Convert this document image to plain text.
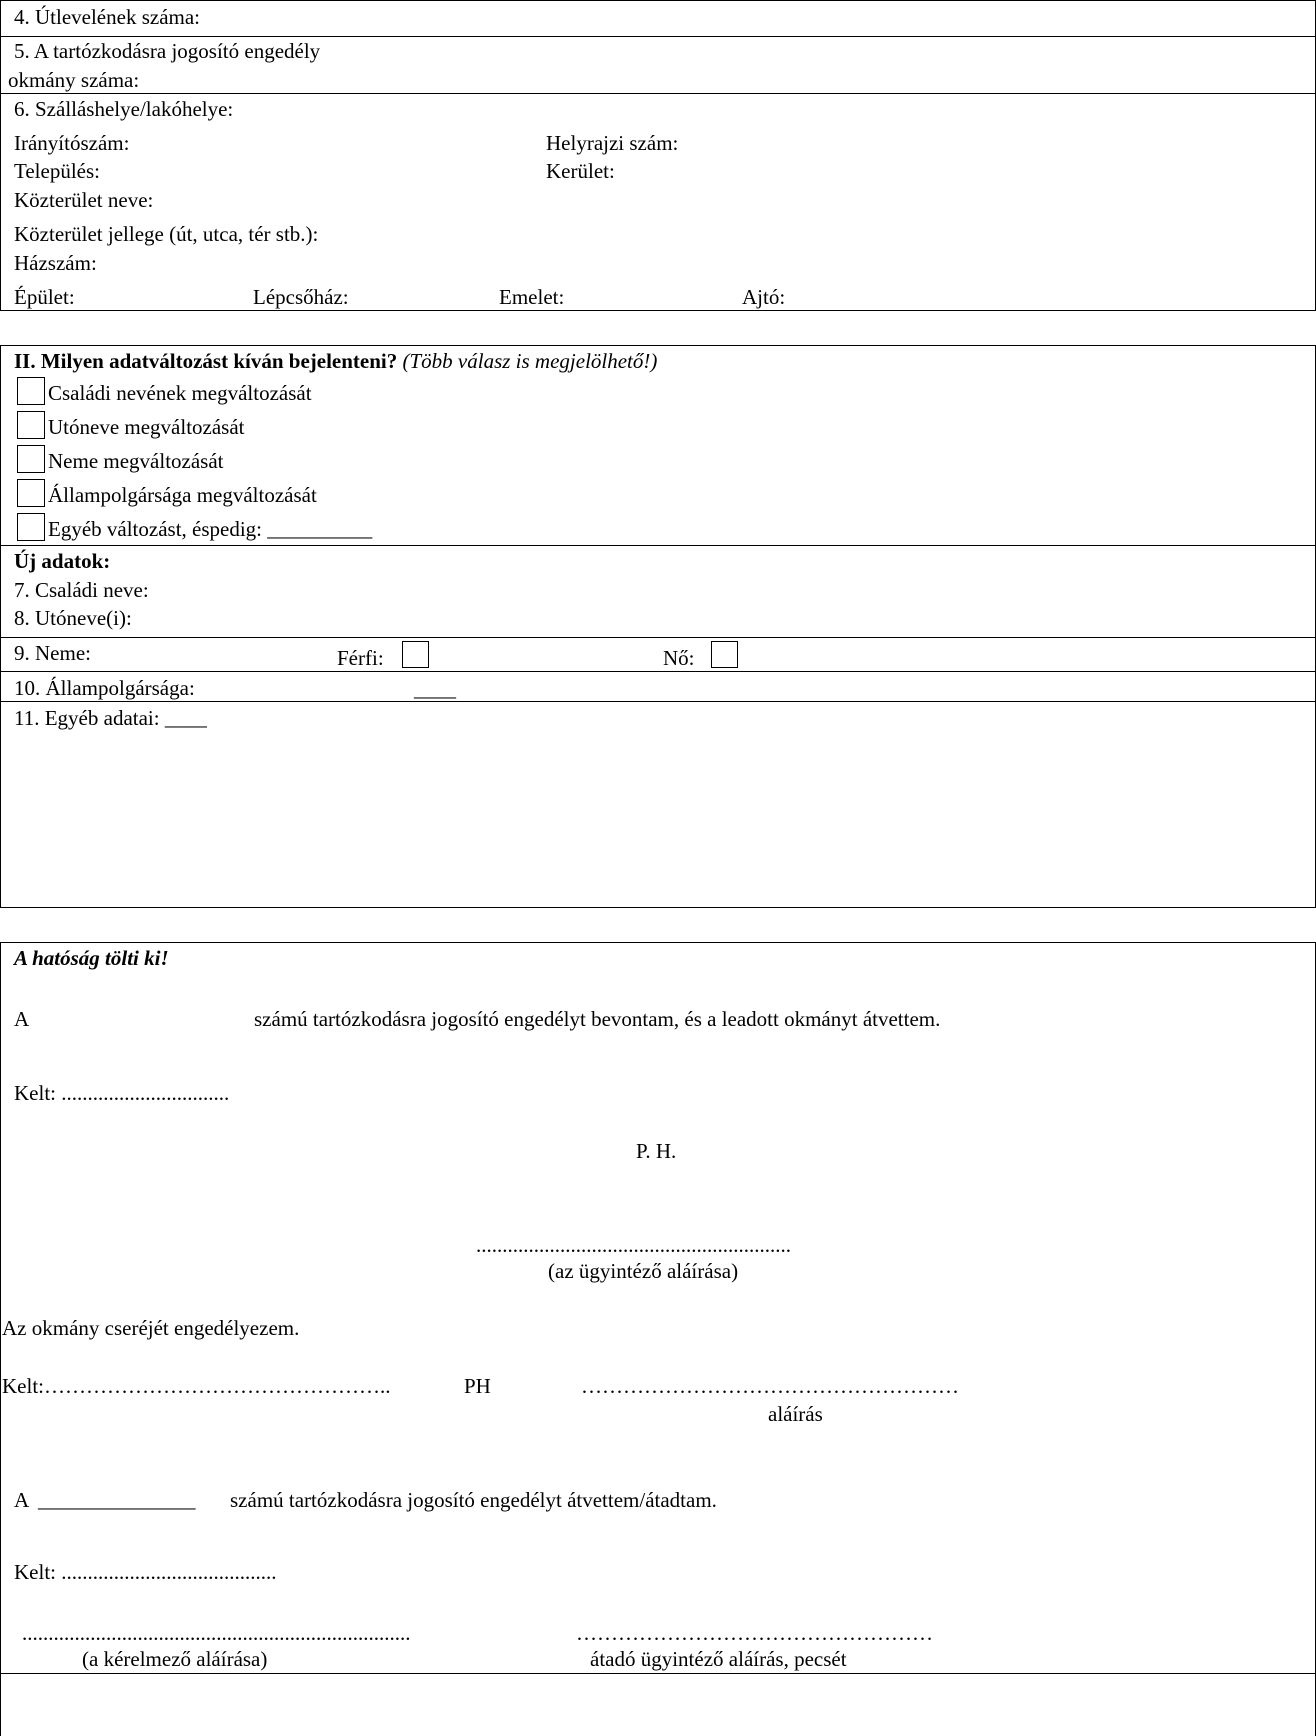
4. Útlevelének száma:
5. A tartózkodásra jogosító engedély
okmány száma:
6. Szálláshelye/lakóhelye:
Irányítószám:	Helyrajzi szám:
Település:	Kerület:
Közterület neve:
Közterület jellege (út, utca, tér stb.):
Házszám:
Épület:	Lépcsőház:	Emelet:	Ajtó:
II. Milyen adatváltozást kíván bejelenteni? (Több válasz is megjelölhető!)
Családi nevének megváltozását
Utóneve megváltozását
Neme megváltozását
Állampolgársága megváltozását
Egyéb változást, éspedig: __________
Új adatok:
7. Családi neve:
8. Utóneve(i):
9. Neme:	Férfi:	Nő:
10. Állampolgársága:	____
11. Egyéb adatai: ____
A hatóság tölti ki!
A	számú tartózkodásra jogosító engedélyt bevontam, és a leadott okmányt átvettem.
Kelt: ................................
P. H.
............................................................
(az ügyintéző aláírása)
Az okmány cseréjét engedélyezem.
Kelt:…………………………………………..	PH	………………………………………………
aláírás
A _______________ számú tartózkodásra jogosító engedélyt átvettem/átadtam.
Kelt: .........................................
..........................................................................
(a kérelmező aláírása)
……………………………………………
átadó ügyintéző aláírás, pecsét
